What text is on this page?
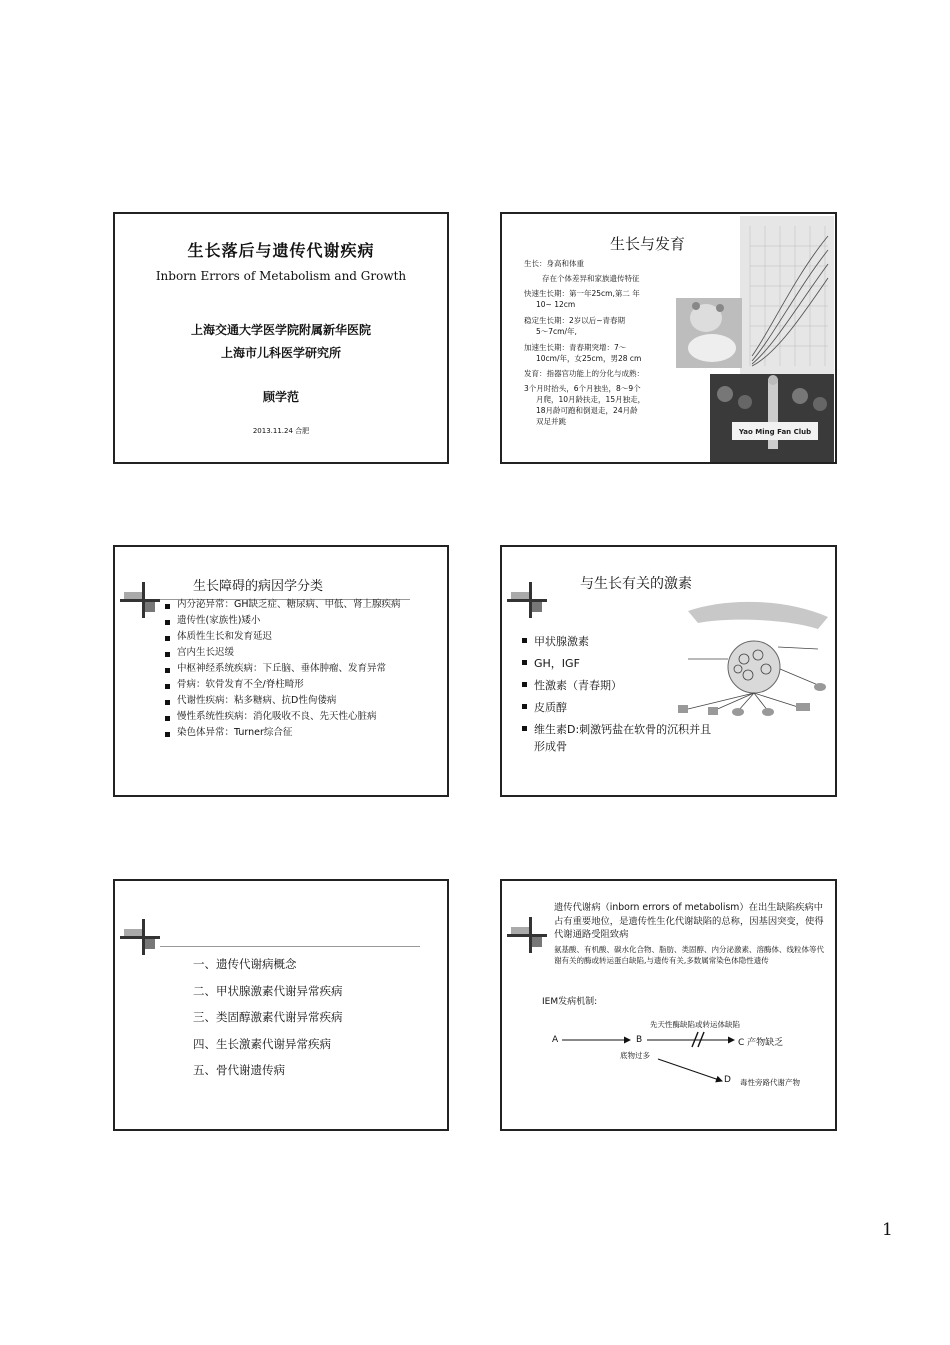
生长落后与遗传代谢疾病
Inborn Errors of Metabolism and Growth
上海交通大学医学院附属新华医院
上海市儿科医学研究所
顾学范
2013.11.24 合肥
生长与发育
生长：身高和体重
存在个体差异和家族遗传特征
快速生长期：第一年25cm,第二 年
10~ 12cm
稳定生长期：2岁以后~青春期
5～7cm/年,
加速生长期：青春期突增：7～
10cm/年，女25cm，男28 cm
发育：指器官功能上的分化与成熟：
3个月时抬头，6个月独坐，8～9个
月爬，10月龄扶走，15月独走，
18月龄可跑和倒退走，24月龄
双足并跳
Yao Ming Fan Club
生长障碍的病因学分类
内分泌异常：GH缺乏症、糖尿病、甲低、肾上腺疾病
遗传性(家族性)矮小
体质性生长和发育延迟
宫内生长迟缓
中枢神经系统疾病：下丘脑、垂体肿瘤、发育异常
骨病：软骨发育不全/脊柱畸形
代谢性疾病：粘多糖病、抗D性佝偻病
慢性系统性疾病：消化吸收不良、先天性心脏病
染色体异常：Turner综合征
与生长有关的激素
甲状腺激素
GH，IGF
性激素（青春期）
皮质醇
维生素D:刺激钙盐在软骨的沉积并且形成骨
一、遗传代谢病概念
二、甲状腺激素代谢异常疾病
三、类固醇激素代谢异常疾病
四、生长激素代谢异常疾病
五、骨代谢遗传病
遗传代谢病（inborn errors of metabolism）在出生缺陷疾病中占有重要地位，是遗传性生化代谢缺陷的总称，因基因突变，使得代谢通路受阻致病
氨基酸、有机酸、碳水化合物、脂肪、类固醇、内分泌激素、溶酶体、线粒体等代谢有关的酶或转运蛋白缺陷,与遗传有关,多数属常染色体隐性遗传
IEM发病机制:
先天性酶缺陷或转运体缺陷
A	B	C 产物缺乏
底物过多
D 毒性旁路代谢产物
1
